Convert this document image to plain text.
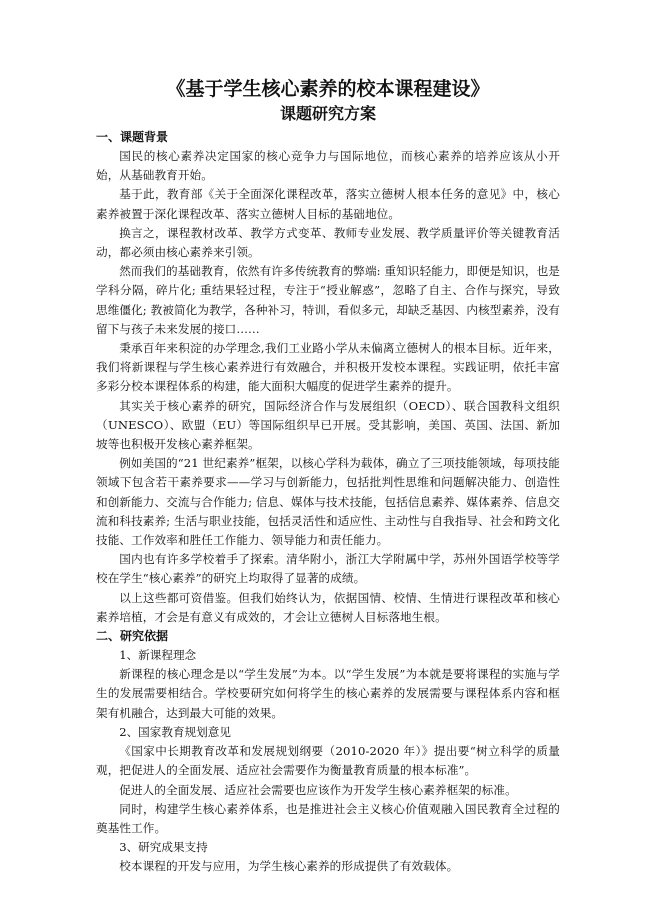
《基于学生核心素养的校本课程建设》
课题研究方案

一、课题背景

国民的核心素养决定国家的核心竞争力与国际地位，而核心素养的培养应该从小开始，从基础教育开始。

基于此，教育部《关于全面深化课程改革，落实立德树人根本任务的意见》中，核心素养被置于深化课程改革、落实立德树人目标的基础地位。

换言之，课程教材改革、教学方式变革、教师专业发展、教学质量评价等关键教育活动，都必须由核心素养来引领。

然而我们的基础教育，依然有许多传统教育的弊端: 重知识轻能力，即便是知识，也是学科分隔，碎片化; 重结果轻过程，专注于“授业解惑”，忽略了自主、合作与探究，导致思维僵化; 教被简化为教学，各种补习，特训，看似多元，却缺乏基因、内核型素养，没有留下与孩子未来发展的接口……

秉承百年来积淀的办学理念,我们工业路小学从未偏离立德树人的根本目标。近年来，我们将新课程与学生核心素养进行有效融合，并积极开发校本课程。实践证明，依托丰富多彩分校本课程体系的构建，能大面积大幅度的促进学生素养的提升。

其实关于核心素养的研究，国际经济合作与发展组织（OECD）、联合国教科文组织（UNESCO）、欧盟（EU）等国际组织早已开展。受其影响，美国、英国、法国、新加坡等也积极开发核心素养框架。

例如美国的“21 世纪素养”框架，以核心学科为载体，确立了三项技能领域，每项技能领域下包含若干素养要求——学习与创新能力，包括批判性思维和问题解决能力、创造性和创新能力、交流与合作能力; 信息、媒体与技术技能，包括信息素养、媒体素养、信息交流和科技素养; 生活与职业技能，包括灵活性和适应性、主动性与自我指导、社会和跨文化技能、工作效率和胜任工作能力、领导能力和责任能力。

国内也有许多学校着手了探索。清华附小，浙江大学附属中学，苏州外国语学校等学校在学生“核心素养”的研究上均取得了显著的成绩。

以上这些都可资借鉴。但我们始终认为，依据国情、校情、生情进行课程改革和核心素养培植，才会是有意义有成效的，才会让立德树人目标落地生根。

二、研究依据

1、新课程理念

新课程的核心理念是以“学生发展”为本。以“学生发展”为本就是要将课程的实施与学生的发展需要相结合。学校要研究如何将学生的核心素养的发展需要与课程体系内容和框架有机融合，达到最大可能的效果。

2、国家教育规划意见

《国家中长期教育改革和发展规划纲要（2010-2020 年）》提出要“树立科学的质量观，把促进人的全面发展、适应社会需要作为衡量教育质量的根本标准”。

促进人的全面发展、适应社会需要也应该作为开发学生核心素养框架的标准。

同时，构建学生核心素养体系，也是推进社会主义核心价值观融入国民教育全过程的奠基性工作。

3、研究成果支持

校本课程的开发与应用，为学生核心素养的形成提供了有效载体。
